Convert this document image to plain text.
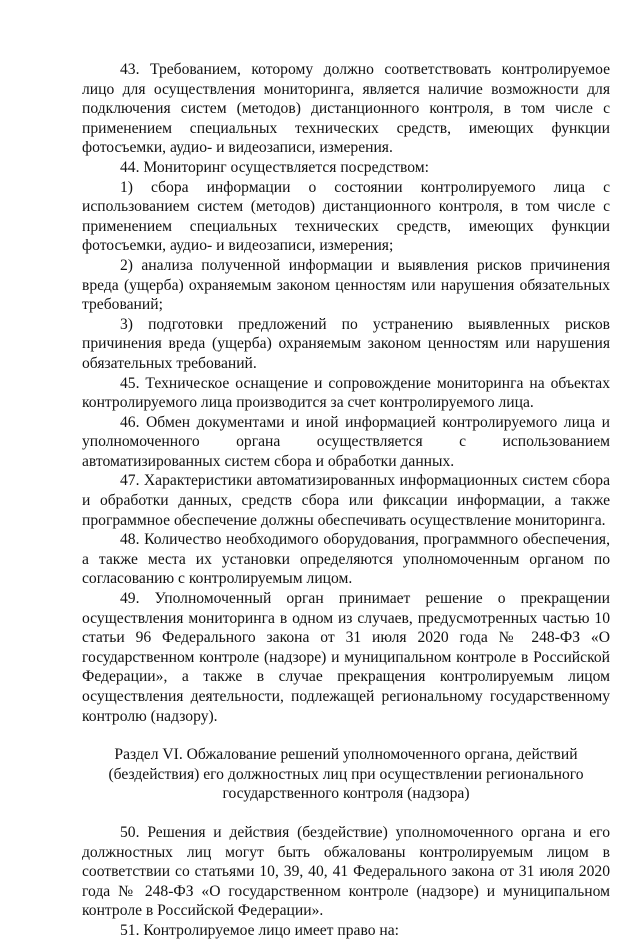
43. Требованием, которому должно соответствовать контролируемое лицо для осуществления мониторинга, является наличие возможности для подключения систем (методов) дистанционного контроля, в том числе с применением специальных технических средств, имеющих функции фотосъемки, аудио- и видеозаписи, измерения.

44. Мониторинг осуществляется посредством:

1) сбора информации о состоянии контролируемого лица с использованием систем (методов) дистанционного контроля, в том числе с применением специальных технических средств, имеющих функции фотосъемки, аудио- и видеозаписи, измерения;

2) анализа полученной информации и выявления рисков причинения вреда (ущерба) охраняемым законом ценностям или нарушения обязательных требований;

3) подготовки предложений по устранению выявленных рисков причинения вреда (ущерба) охраняемым законом ценностям или нарушения обязательных требований.

45. Техническое оснащение и сопровождение мониторинга на объектах контролируемого лица производится за счет контролируемого лица.

46. Обмен документами и иной информацией контролируемого лица и уполномоченного органа осуществляется с использованием автоматизированных систем сбора и обработки данных.

47. Характеристики автоматизированных информационных систем сбора и обработки данных, средств сбора или фиксации информации, а также программное обеспечение должны обеспечивать осуществление мониторинга.

48. Количество необходимого оборудования, программного обеспечения, а также места их установки определяются уполномоченным органом по согласованию с контролируемым лицом.

49. Уполномоченный орган принимает решение о прекращении осуществления мониторинга в одном из случаев, предусмотренных частью 10 статьи 96 Федерального закона от 31 июля 2020 года № 248-ФЗ «О государственном контроле (надзоре) и муниципальном контроле в Российской Федерации», а также в случае прекращения контролируемым лицом осуществления деятельности, подлежащей региональному государственному контролю (надзору).

Раздел VI. Обжалование решений уполномоченного органа, действий (бездействия) его должностных лиц при осуществлении регионального государственного контроля (надзора)

50. Решения и действия (бездействие) уполномоченного органа и его должностных лиц могут быть обжалованы контролируемым лицом в соответствии со статьями 10, 39, 40, 41 Федерального закона от 31 июля 2020 года № 248-ФЗ «О государственном контроле (надзоре) и муниципальном контроле в Российской Федерации».

51. Контролируемое лицо имеет право на:
